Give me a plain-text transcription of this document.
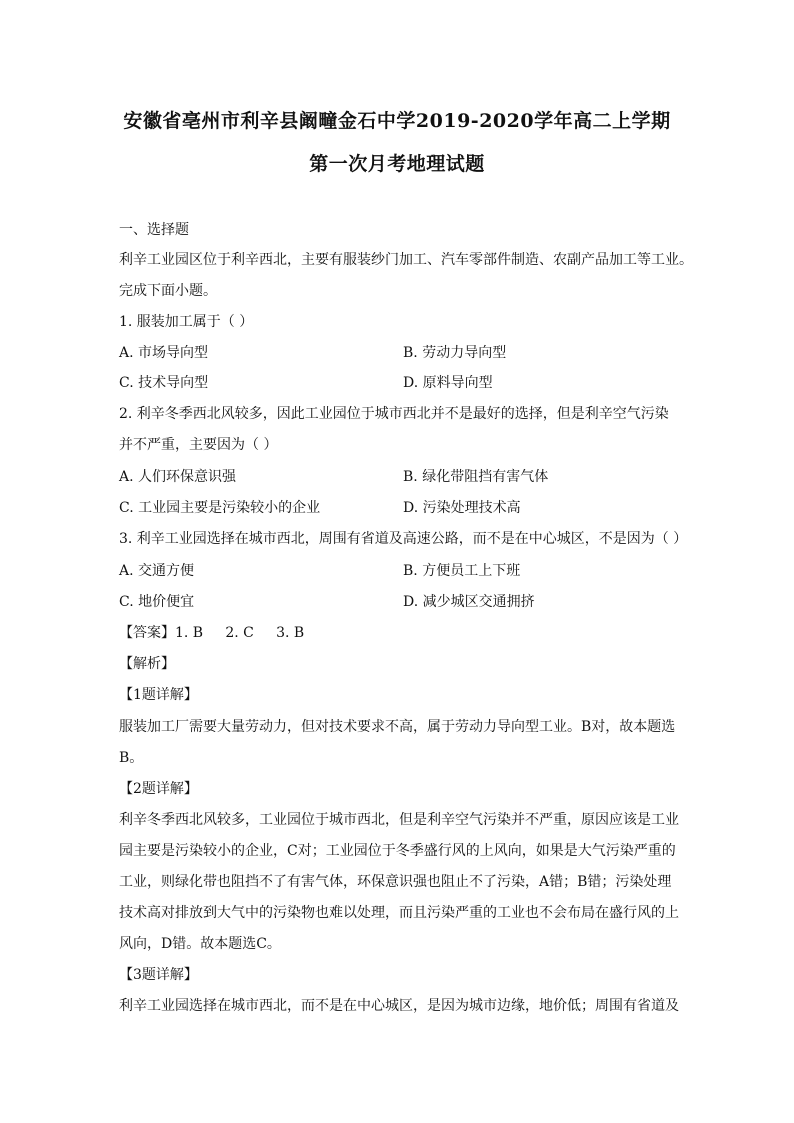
安徽省亳州市利辛县阚疃金石中学2019-2020学年高二上学期
第一次月考地理试题
一、选择题
利辛工业园区位于利辛西北，主要有服装纱门加工、汽车零部件制造、农副产品加工等工业。
完成下面小题。
1. 服装加工属于（ ）
A. 市场导向型	B. 劳动力导向型
C. 技术导向型	D. 原料导向型
2. 利辛冬季西北风较多，因此工业园位于城市西北并不是最好的选择，但是利辛空气污染
并不严重，主要因为（ ）
A. 人们环保意识强	B. 绿化带阻挡有害气体
C. 工业园主要是污染较小的企业	D. 污染处理技术高
3. 利辛工业园选择在城市西北，周围有省道及高速公路，而不是在中心城区，不是因为（ ）
A. 交通方便	B. 方便员工上下班
C. 地价便宜	D. 减少城区交通拥挤
【答案】1. B     2. C     3. B
【解析】
【1题详解】
服装加工厂需要大量劳动力，但对技术要求不高，属于劳动力导向型工业。B对，故本题选
B。
【2题详解】
利辛冬季西北风较多，工业园位于城市西北，但是利辛空气污染并不严重，原因应该是工业
园主要是污染较小的企业，C对；工业园位于冬季盛行风的上风向，如果是大气污染严重的
工业，则绿化带也阻挡不了有害气体，环保意识强也阻止不了污染，A错；B错；污染处理
技术高对排放到大气中的污染物也难以处理，而且污染严重的工业也不会布局在盛行风的上
风向，D错。故本题选C。
【3题详解】
利辛工业园选择在城市西北，而不是在中心城区，是因为城市边缘，地价低；周围有省道及
